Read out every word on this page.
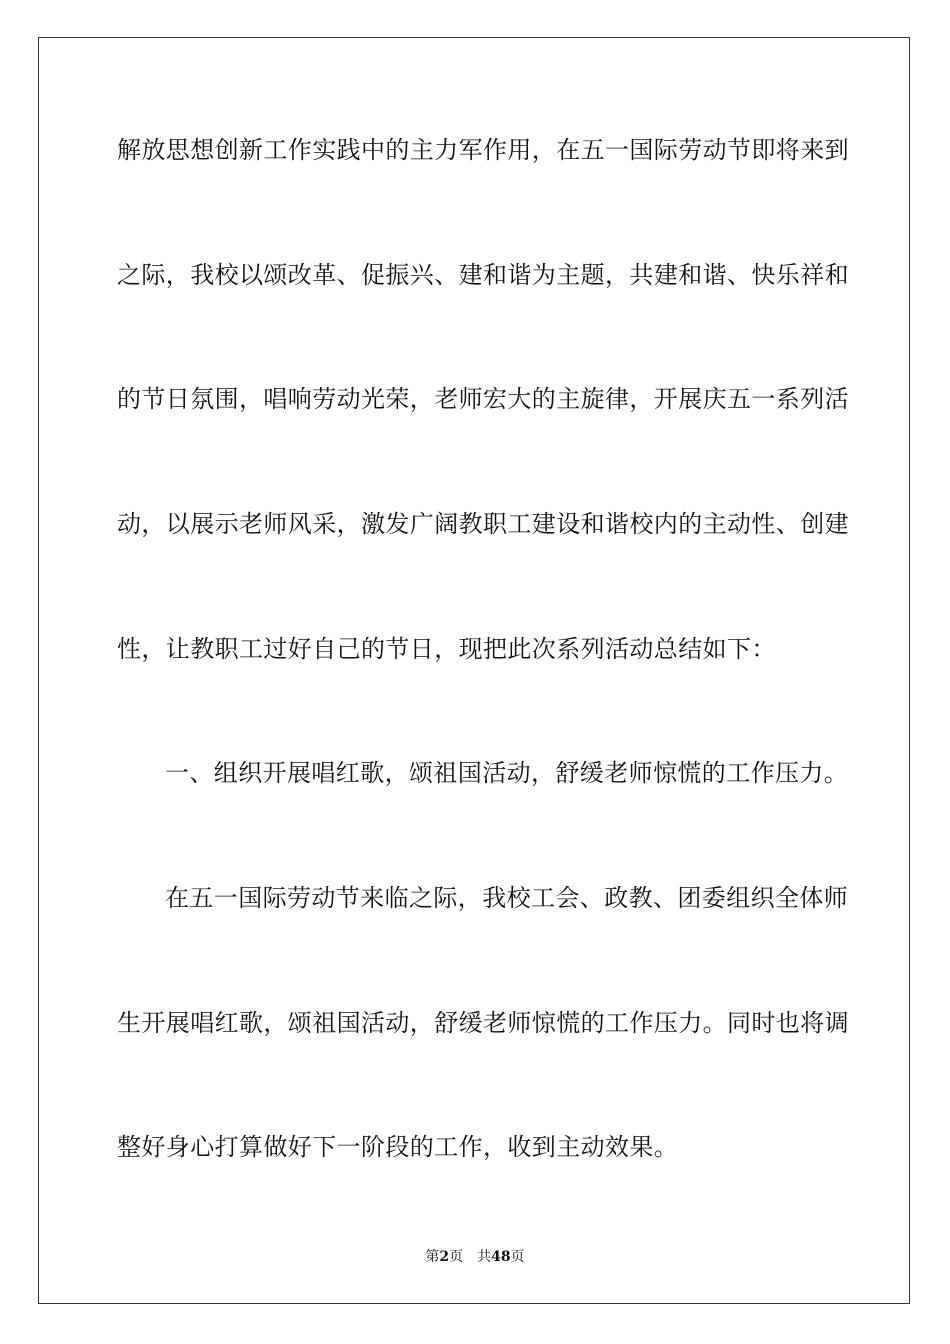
解放思想创新工作实践中的主力军作用，在五一国际劳动节即将来到
之际，我校以颂改革、促振兴、建和谐为主题，共建和谐、快乐祥和
的节日氛围，唱响劳动光荣，老师宏大的主旋律，开展庆五一系列活
动，以展示老师风采，激发广阔教职工建设和谐校内的主动性、创建
性，让教职工过好自己的节日，现把此次系列活动总结如下：
一、组织开展唱红歌，颂祖国活动，舒缓老师惊慌的工作压力。
在五一国际劳动节来临之际，我校工会、政教、团委组织全体师
生开展唱红歌，颂祖国活动，舒缓老师惊慌的工作压力。同时也将调
整好身心打算做好下一阶段的工作，收到主动效果。
第2页 共48页
